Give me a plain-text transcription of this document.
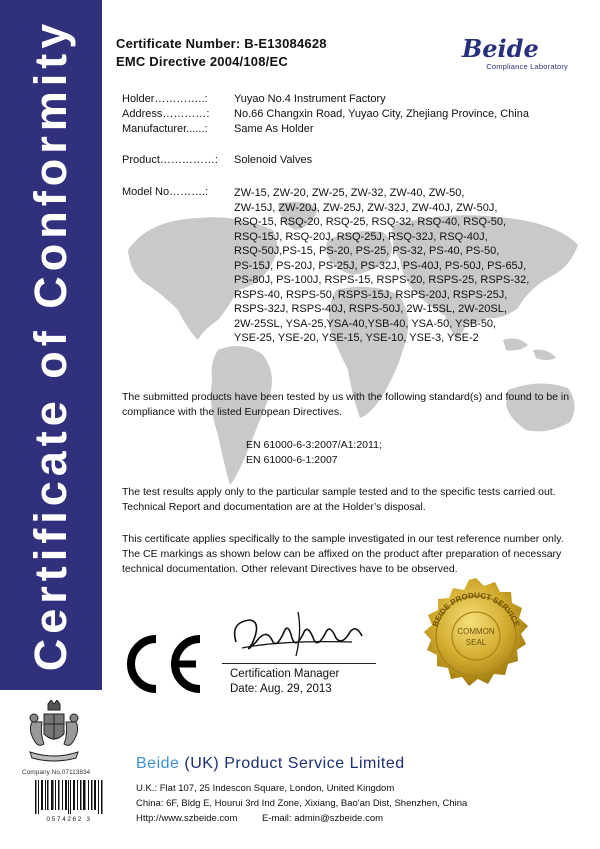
Certificate of Conformity	Certificate Number: B-E13084628
EMC Directive 2004/108/EC	Beide
Compliance Laboratory
Holder…………..: Yuyao No.4 Instrument Factory
Address…………: No.66 Changxin Road, Yuyao City, Zhejiang Province, China
Manufacturer......: Same As Holder
Product……………: Solenoid Valves
Model No……….: ZW-15, ZW-20, ZW-25, ZW-32, ZW-40, ZW-50,
ZW-15J, ZW-20J, ZW-25J, ZW-32J, ZW-40J, ZW-50J,
RSQ-15, RSQ-20, RSQ-25, RSQ-32, RSQ-40, RSQ-50,
RSQ-15J, RSQ-20J, RSQ-25J, RSQ-32J, RSQ-40J,
RSQ-50J,PS-15, PS-20, PS-25, PS-32, PS-40, PS-50,
PS-15J, PS-20J, PS-25J, PS-32J, PS-40J, PS-50J, PS-65J,
PS-80J, PS-100J, RSPS-15, RSPS-20, RSPS-25, RSPS-32,
RSPS-40, RSPS-50, RSPS-15J, RSPS-20J, RSPS-25J,
RSPS-32J, RSPS-40J, RSPS-50J, 2W-15SL, 2W-20SL,
2W-25SL, YSA-25,YSA-40,YSB-40, YSA-50, YSB-50,
YSE-25, YSE-20, YSE-15, YSE-10, YSE-3, YSE-2
The submitted products have been tested by us with the following standard(s) and found to be in
compliance with the listed European Directives.
EN 61000-6-3:2007/A1:2011;
EN 61000-6-1:2007
The test results apply only to the particular sample tested and to the specific tests carried out.
Technical Report and documentation are at the Holder’s disposal.
This certificate applies specifically to the sample investigated in our test reference number only.
The CE markings as shown below can be affixed on the product after preparation of necessary
technical documentation. Other relevant Directives have to be observed.
Certification Manager
Date: Aug. 29, 2013
BEIDE PRODUCT SERVICE
COMMON
SEAL
Company No.07113834
0574262 3
Beide (UK) Product Service Limited
U.K.: Flat 107, 25 Indescon Square, London, United Kingdom
China: 6F, Bldg E, Hourui 3rd Ind Zone, Xixiang, Bao'an Dist, Shenzhen, China
Http://www.szbeide.com	E-mail: admin@szbeide.com
